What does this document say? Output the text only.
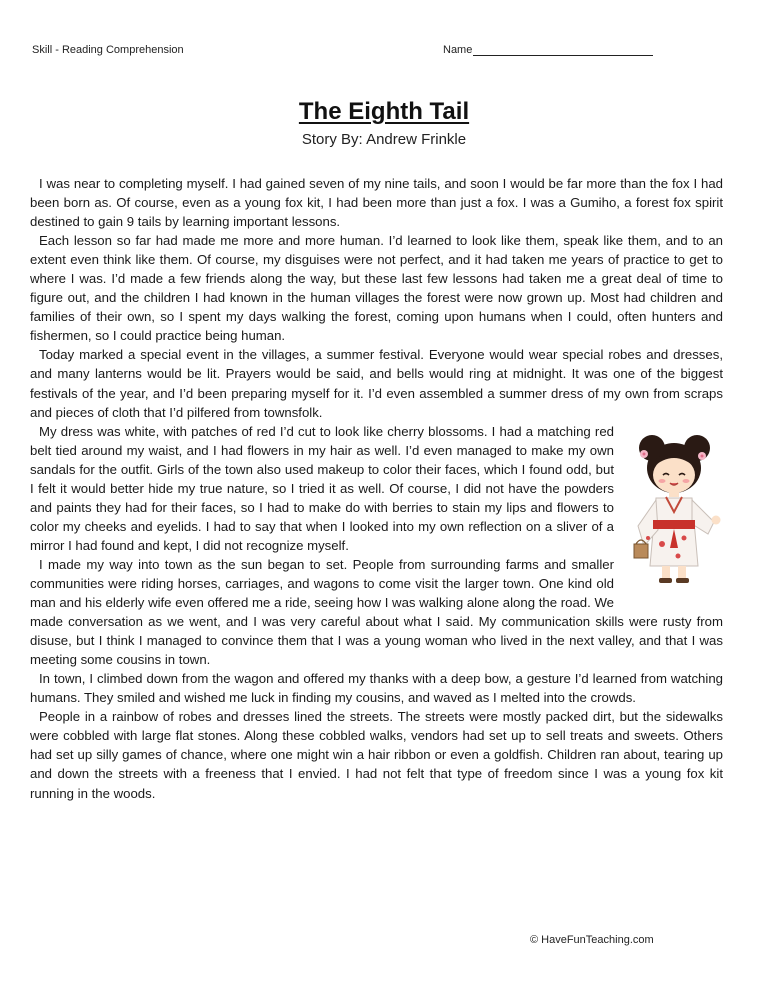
Skill - Reading Comprehension	Name
The Eighth Tail
Story By: Andrew Frinkle

I was near to completing myself. I had gained seven of my nine tails, and soon I would be far more than the fox I had been born as. Of course, even as a young fox kit, I had been more than just a fox. I was a Gumiho, a forest fox spirit destined to gain 9 tails by learning important lessons.

Each lesson so far had made me more and more human. I’d learned to look like them, speak like them, and to an extent even think like them. Of course, my disguises were not perfect, and it had taken me years of practice to get to where I was. I’d made a few friends along the way, but these last few lessons had taken me a great deal of time to figure out, and the children I had known in the human villages the forest were now grown up. Most had children and families of their own, so I spent my days walking the forest, coming upon humans when I could, often hunters and fishermen, so I could practice being human.

Today marked a special event in the villages, a summer festival. Everyone would wear special robes and dresses, and many lanterns would be lit. Prayers would be said, and bells would ring at midnight. It was one of the biggest festivals of the year, and I’d been preparing myself for it. I’d even assembled a summer dress of my own from scraps and pieces of cloth that I’d pilfered from townsfolk.

My dress was white, with patches of red I’d cut to look like cherry blossoms. I had a matching red belt tied around my waist, and I had flowers in my hair as well. I’d even managed to make my own sandals for the outfit. Girls of the town also used makeup to color their faces, which I found odd, but I felt it would better hide my true nature, so I tried it as well. Of course, I did not have the powders and paints they had for their faces, so I had to make do with berries to stain my lips and flowers to color my cheeks and eyelids. I had to say that when I looked into my own reflection on a sliver of a mirror I had found and kept, I did not recognize myself.

I made my way into town as the sun began to set. People from surrounding farms and smaller communities were riding horses, carriages, and wagons to come visit the larger town. One kind old man and his elderly wife even offered me a ride, seeing how I was walking alone along the road. We made conversation as we went, and I was very careful about what I said. My communication skills were rusty from disuse, but I think I managed to convince them that I was a young woman who lived in the next valley, and that I was meeting some cousins in town.

In town, I climbed down from the wagon and offered my thanks with a deep bow, a gesture I’d learned from watching humans. They smiled and wished me luck in finding my cousins, and waved as I melted into the crowds.

People in a rainbow of robes and dresses lined the streets. The streets were mostly packed dirt, but the sidewalks were cobbled with large flat stones. Along these cobbled walks, vendors had set up to sell treats and sweets. Others had set up silly games of chance, where one might win a hair ribbon or even a goldfish. Children ran about, tearing up and down the streets with a freeness that I envied. I had not felt that type of freedom since I was a young fox kit running in the woods.

© HaveFunTeaching.com
